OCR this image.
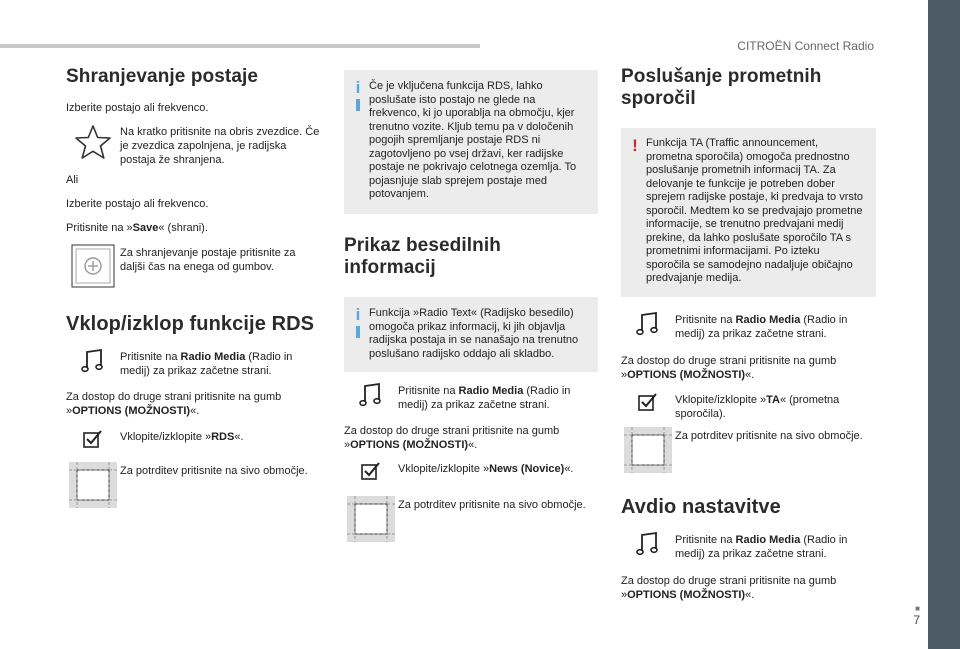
CITROËN Connect Radio
■
7
Shranjevanje postaje

Izberite postajo ali frekvenco.

Na kratko pritisnite na obris zvezdice. Če je zvezdica zapolnjena, je radijska postaja že shranjena.

Ali

Izberite postajo ali frekvenco.

Pritisnite na »Save« (shrani).

Za shranjevanje postaje pritisnite za daljši čas na enega od gumbov.
Vklop/izklop funkcije RDS
Pritisnite na Radio Media (Radio in medij) za prikaz začetne strani.

Za dostop do druge strani pritisnite na gumb »OPTIONS (MOŽNOSTI)«.

Vklopite/izklopite »RDS«.
Za potrditev pritisnite na sivo območje.
i Če je vključena funkcija RDS, lahko poslušate isto postajo ne glede na frekvenco, ki jo uporablja na območju, kjer trenutno vozite. Kljub temu pa v določenih pogojih spremljanje postaje RDS ni zagotovljeno po vsej državi, ker radijske postaje ne pokrivajo celotnega ozemlja. To pojasnjuje slab sprejem postaje med potovanjem.
Prikaz besedilnih informacij
i Funkcija »Radio Text« (Radijsko besedilo) omogoča prikaz informacij, ki jih objavlja radijska postaja in se nanašajo na trenutno poslušano radijsko oddajo ali skladbo.
Pritisnite na Radio Media (Radio in medij) za prikaz začetne strani.

Za dostop do druge strani pritisnite na gumb »OPTIONS (MOŽNOSTI)«.

Vklopite/izklopite »News (Novice)«.
Za potrditev pritisnite na sivo območje.
Poslušanje prometnih sporočil
! Funkcija TA (Traffic announcement, prometna sporočila) omogoča prednostno poslušanje prometnih informacij TA. Za delovanje te funkcije je potreben dober sprejem radijske postaje, ki predvaja to vrsto sporočil. Medtem ko se predvajajo prometne informacije, se trenutno predvajani medij prekine, da lahko poslušate sporočilo TA s prometnimi informacijami. Po izteku sporočila se samodejno nadaljuje običajno predvajanje medija.
Pritisnite na Radio Media (Radio in medij) za prikaz začetne strani.

Za dostop do druge strani pritisnite na gumb »OPTIONS (MOŽNOSTI)«.

Vklopite/izklopite »TA« (prometna sporočila).
Za potrditev pritisnite na sivo območje.
Avdio nastavitve
Pritisnite na Radio Media (Radio in medij) za prikaz začetne strani.

Za dostop do druge strani pritisnite na gumb »OPTIONS (MOŽNOSTI)«.
